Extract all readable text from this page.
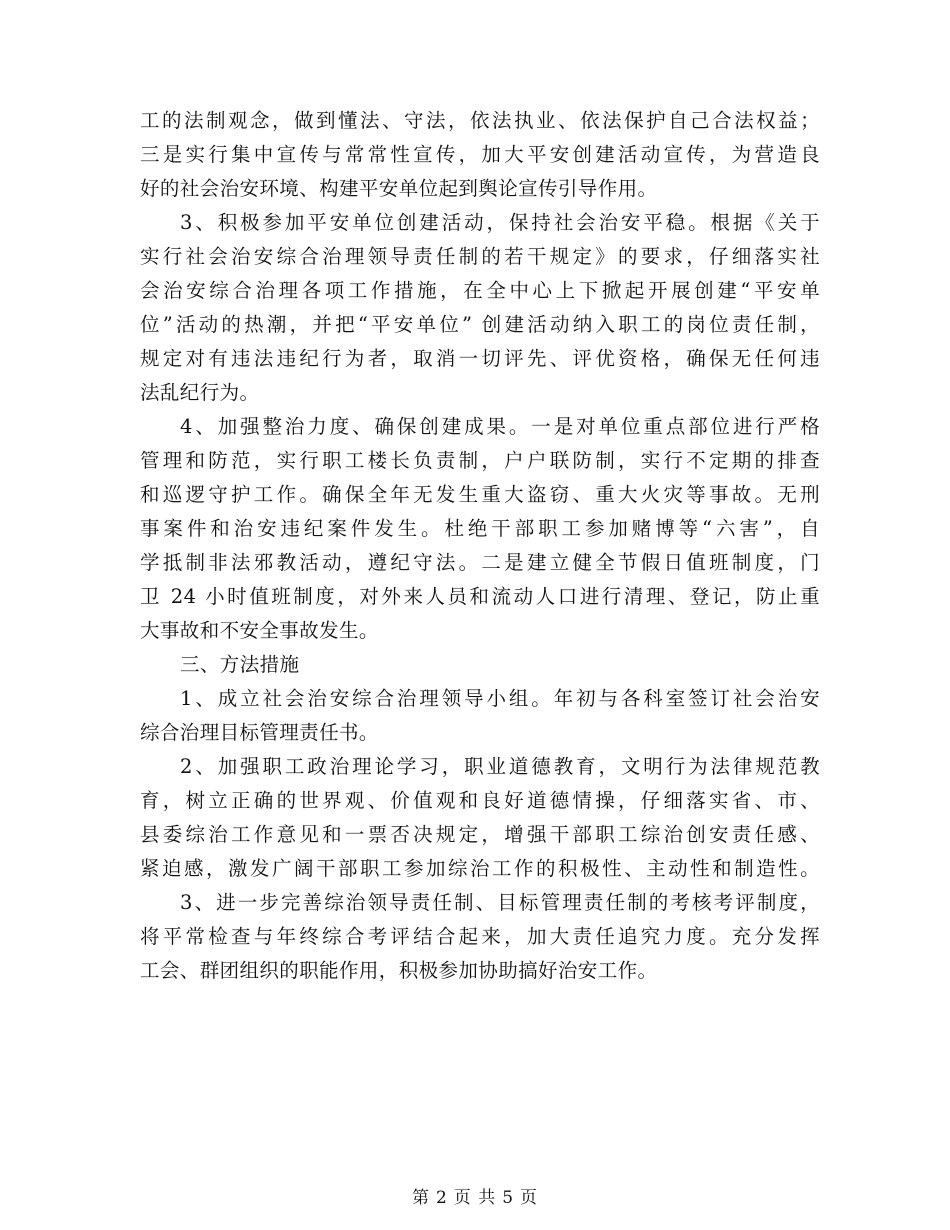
工的法制观念，做到懂法、守法，依法执业、依法保护自己合法权益；
三是实行集中宣传与常常性宣传，加大平安创建活动宣传，为营造良
好的社会治安环境、构建平安单位起到舆论宣传引导作用。
3、积极参加平安单位创建活动，保持社会治安平稳。根据《关于
实行社会治安综合治理领导责任制的若干规定》的要求，仔细落实社
会治安综合治理各项工作措施，在全中心上下掀起开展创建“平安单
位”活动的热潮，并把“平安单位” 创建活动纳入职工的岗位责任制，
规定对有违法违纪行为者，取消一切评先、评优资格，确保无任何违
法乱纪行为。
4、加强整治力度、确保创建成果。一是对单位重点部位进行严格
管理和防范，实行职工楼长负责制，户户联防制，实行不定期的排查
和巡逻守护工作。确保全年无发生重大盗窃、重大火灾等事故。无刑
事案件和治安违纪案件发生。杜绝干部职工参加赌博等“六害”，自
学抵制非法邪教活动，遵纪守法。二是建立健全节假日值班制度，门
卫 24 小时值班制度，对外来人员和流动人口进行清理、登记，防止重
大事故和不安全事故发生。
三、方法措施
1、成立社会治安综合治理领导小组。年初与各科室签订社会治安
综合治理目标管理责任书。
2、加强职工政治理论学习，职业道德教育，文明行为法律规范教
育，树立正确的世界观、价值观和良好道德情操，仔细落实省、市、
县委综治工作意见和一票否决规定，增强干部职工综治创安责任感、
紧迫感，激发广阔干部职工参加综治工作的积极性、主动性和制造性。
3、进一步完善综治领导责任制、目标管理责任制的考核考评制度，
将平常检查与年终综合考评结合起来，加大责任追究力度。充分发挥
工会、群团组织的职能作用，积极参加协助搞好治安工作。
第 2 页 共 5 页
